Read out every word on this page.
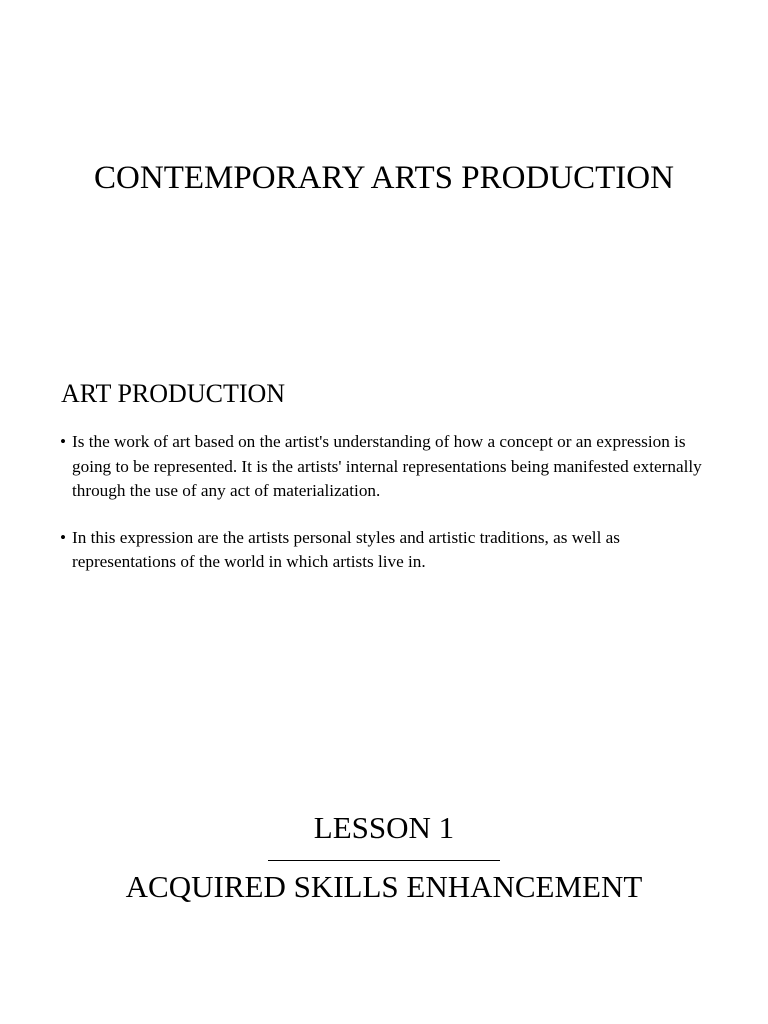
CONTEMPORARY ARTS PRODUCTION
ART PRODUCTION
• Is the work of art based on the artist's understanding of how a concept or an expression is going to be represented. It is the artists' internal representations being manifested externally through the use of any act of materialization.
• In this expression are the artists personal styles and artistic traditions, as well as representations of the world in which artists live in.
LESSON 1
ACQUIRED SKILLS ENHANCEMENT
